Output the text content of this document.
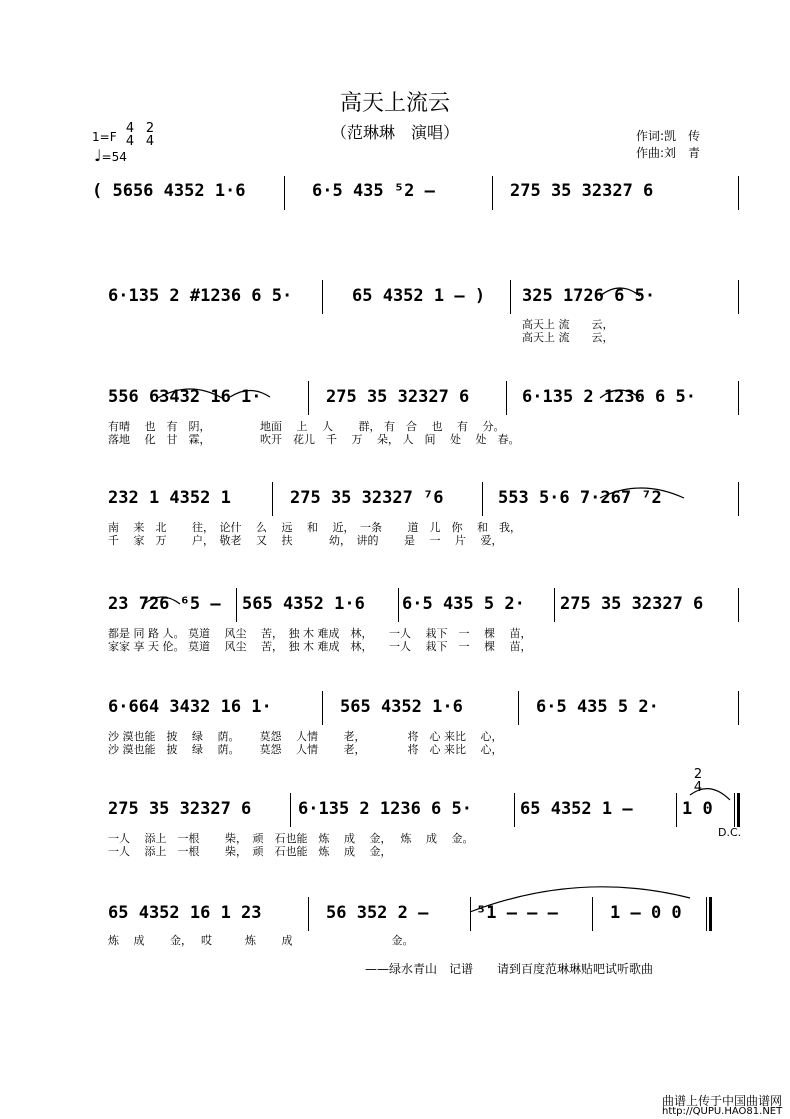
高天上流云
（范琳琳　演唱）
1=F
4
4
2
4
♩=54
作词:凯　传
作曲:刘　青
( 5656 4352 1·6	6·5 435 ⁵2 –	275 35 32327 6
6·135 2 #1236 6 5·	65 4352 1 – ) 325 1726 6 5·
高天上 流　　云，
高天上 流　　云，
556 63432 16 1·	275 35 32327 6	6·135 2 1236 6 5·
有晴　 也　有　阴，　　　　　地面　 上　 人　　 群， 有　合　 也　 有　 分。
落地　 化　甘　霖，　　　　　吹开　花儿　千　 万　 朵， 人　间　 处　 处　春。
232 1 4352 1	275 35 32327 ⁷6	553 5·6 7·267 ⁷2
南　 来　北　　 往，　论什　 么　 远　 和　 近，　一条　　 道　儿　你　 和　我，
千　 家　万　　 户，　敬老　 又　 扶　　　 幼，　讲的　　 是　 一　 片　 爱，
23 726 ⁶5 – 565 4352 1·6 6·5 435 5 2· 275 35 32327 6
都是 同 路 人。 莫道　 风尘　 苦，　独 木 难成　林，　　一人　 栽下　一　 棵　 苗，
家家 享 天 伦。 莫道　 风尘　 苦，　独 木 难成　林，　　一人　 栽下　一　 棵　 苗，
6·664 3432 16 1·	565 4352 1·6	6·5 435 5 2·
沙 漠也能　披　 绿　 荫。　　 莫怨　 人情　　 老，　　　　 将　心 来比　 心，
沙 漠也能　披　 绿　 荫。　　 莫怨　 人情　　 老，　　　　 将　心 来比　 心，
275 35 32327 6	6·135 2 1236 6 5·	65 4352 1 –
2
4
1 0
一人　 添上　一根　　 柴，　顽　石也能　炼　 成　 金，　 炼　 成　 金。
一人　 添上　一根　　 柴，　顽　石也能　炼　 成　 金，
D.C.
65 4352 16 1 23	56 352 2 –	⁵1 – – –	1 – 0 0
炼　 成　　 金，　 哎　　　炼　　 成　　　　　　　　　金。
——绿水青山　记谱　　请到百度范琳琳贴吧试听歌曲
曲谱上传于中国曲谱网
http://QUPU.HAO81.NET
